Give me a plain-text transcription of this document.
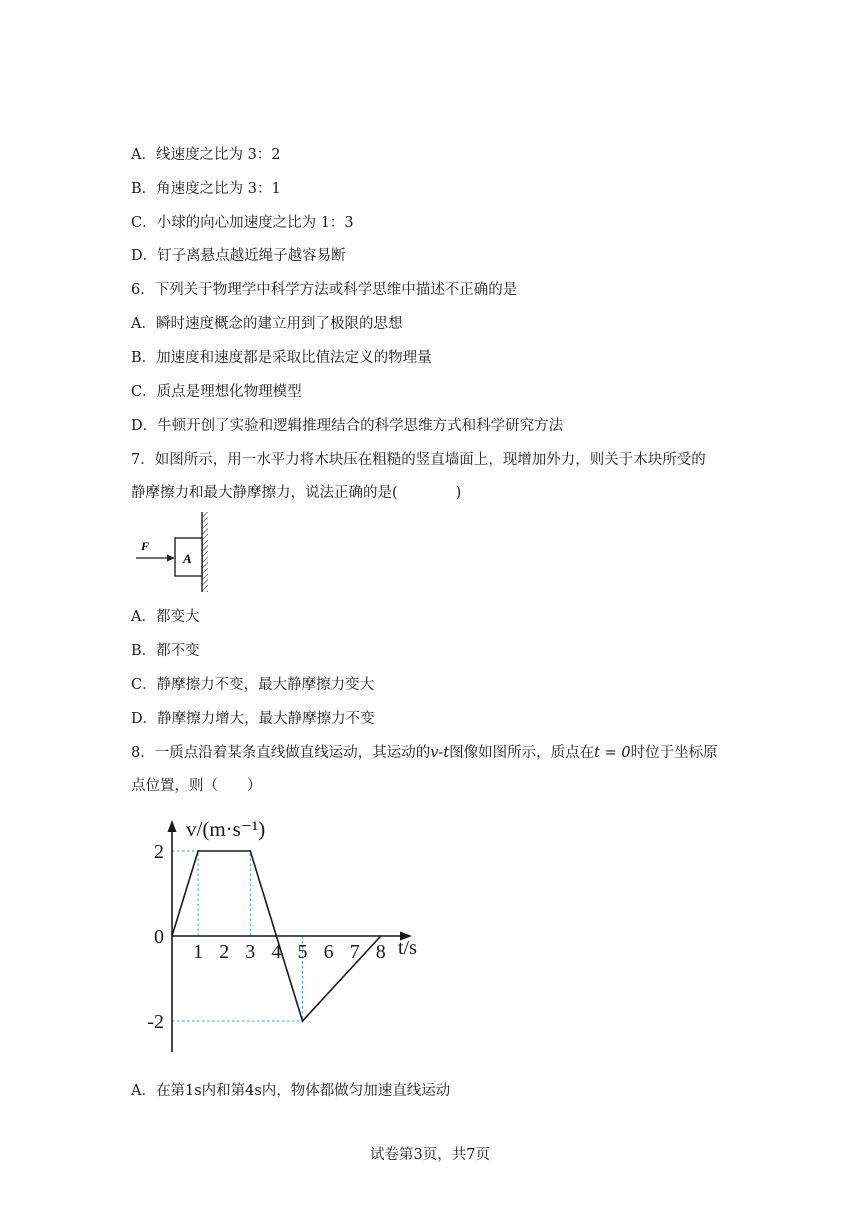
A．线速度之比为 3：2
B．角速度之比为 3：1
C．小球的向心加速度之比为 1：3
D．钉子离悬点越近绳子越容易断
6．下列关于物理学中科学方法或科学思维中描述不正确的是
A．瞬时速度概念的建立用到了极限的思想
B．加速度和速度都是采取比值法定义的物理量
C．质点是理想化物理模型
D．牛顿开创了实验和逻辑推理结合的科学思维方式和科学研究方法
7．如图所示，用一水平力将木块压在粗糙的竖直墙面上，现增加外力，则关于木块所受的
静摩擦力和最大静摩擦力，说法正确的是(　　　　)
A
F
A．都变大
B．都不变
C．静摩擦力不变，最大静摩擦力变大
D．静摩擦力增大，最大静摩擦力不变
8．一质点沿着某条直线做直线运动，其运动的v-t图像如图所示，质点在t = 0时位于坐标原
点位置，则（　　）
1 2 3 4 5 6 7 8
2
0
-2
v/(m·s⁻¹)
t/s
A．在第1s内和第4s内，物体都做匀加速直线运动
试卷第3页，共7页
